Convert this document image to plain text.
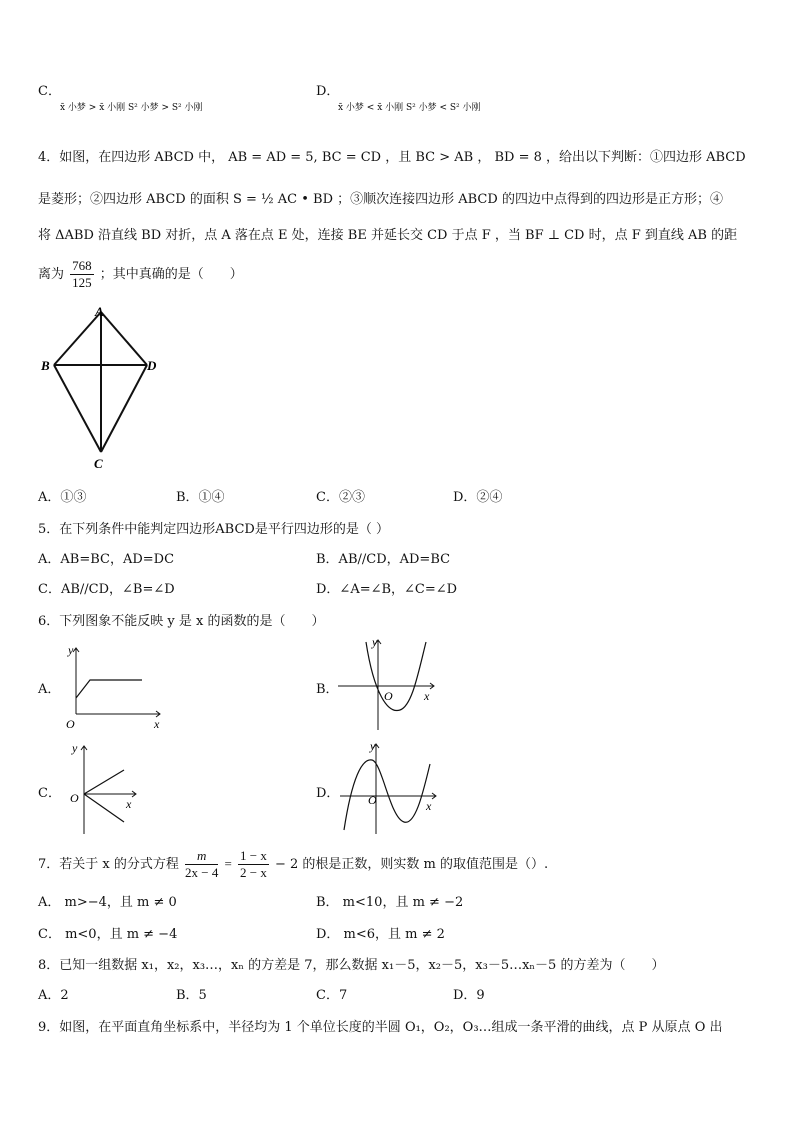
C．
x̄ 小梦 > x̄ 小刚 S² 小梦 > S² 小刚
D．
x̄ 小梦 < x̄ 小刚 S² 小梦 < S² 小刚
4．如图，在四边形 ABCD 中， AB = AD = 5, BC = CD ，且 BC > AB ， BD = 8 ，给出以下判断：①四边形 ABCD
是菱形；②四边形 ABCD 的面积 S = ½ AC • BD ；③顺次连接四边形 ABCD 的四边中点得到的四边形是正方形；④
将 ΔABD 沿直线 BD 对折，点 A 落在点 E 处，连接 BE 并延长交 CD 于点 F ，当 BF ⊥ CD 时，点 F 到直线 AB 的距
离为 $\frac{768}{125}$ ；其中真确的是（　　）
A
B	D
C
A．①③	B．①④	C．②③	D．②④
5．在下列条件中能判定四边形ABCD是平行四边形的是（ ）
A．AB=BC，AD=DC	B．AB//CD，AD=BC
C．AB//CD，∠B=∠D	D．∠A=∠B，∠C=∠D
6．下列图象不能反映 y 是 x 的函数的是（　　）
A．
y
x
O
B．
y
x
O
C．
y
x
O	D．
y
x
O
7．若关于 x 的分式方程 $\frac{m}{2x - 4} = \frac{1 - x}{2 - x} - 2$ 的根是正数，则实数 m 的取值范围是（）.
A． m>−4，且 m ≠ 0	B． m<10，且 m ≠ −2
C． m<0，且 m ≠ −4	D． m<6，且 m ≠ 2
8．已知一组数据 x₁，x₂，x₃…，xₙ 的方差是 7，那么数据 x₁－5，x₂－5，x₃－5…xₙ－5 的方差为（　　）
A．2	B．5	C．7	D．9
9．如图，在平面直角坐标系中，半径均为 1 个单位长度的半圆 O₁，O₂，O₃…组成一条平滑的曲线，点 P 从原点 O 出
